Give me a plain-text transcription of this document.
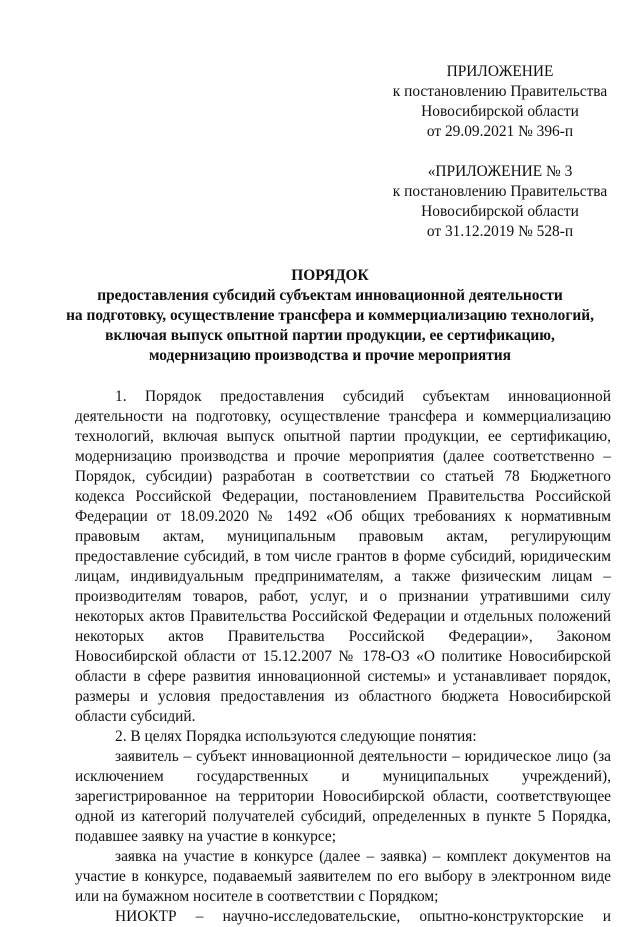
ПРИЛОЖЕНИЕ
к постановлению Правительства
Новосибирской области
от 29.09.2021 № 396-п
«ПРИЛОЖЕНИЕ № 3
к постановлению Правительства
Новосибирской области
от 31.12.2019 № 528-п
ПОРЯДОК
предоставления субсидий субъектам инновационной деятельности
на подготовку, осуществление трансфера и коммерциализацию технологий,
включая выпуск опытной партии продукции, ее сертификацию,
модернизацию производства и прочие мероприятия

1. Порядок предоставления субсидий субъектам инновационной деятельности на подготовку, осуществление трансфера и коммерциализацию технологий, включая выпуск опытной партии продукции, ее сертификацию, модернизацию производства и прочие мероприятия (далее соответственно – Порядок, субсидии) разработан в соответствии со статьей 78 Бюджетного кодекса Российской Федерации, постановлением Правительства Российской Федерации от 18.09.2020 № 1492 «Об общих требованиях к нормативным правовым актам, муниципальным правовым актам, регулирующим предоставление субсидий, в том числе грантов в форме субсидий, юридическим лицам, индивидуальным предпринимателям, а также физическим лицам – производителям товаров, работ, услуг, и о признании утратившими силу некоторых актов Правительства Российской Федерации и отдельных положений некоторых актов Правительства Российской Федерации», Законом Новосибирской области от 15.12.2007 № 178-ОЗ «О политике Новосибирской области в сфере развития инновационной системы» и устанавливает порядок, размеры и условия предоставления из областного бюджета Новосибирской области субсидий.

2. В целях Порядка используются следующие понятия:

заявитель – субъект инновационной деятельности – юридическое лицо (за исключением государственных и муниципальных учреждений), зарегистрированное на территории Новосибирской области, соответствующее одной из категорий получателей субсидий, определенных в пункте 5 Порядка, подавшее заявку на участие в конкурсе;

заявка на участие в конкурсе (далее – заявка) – комплект документов на участие в конкурсе, подаваемый заявителем по его выбору в электронном виде или на бумажном носителе в соответствии с Порядком;

НИОКТР – научно-исследовательские, опытно-конструкторские и
